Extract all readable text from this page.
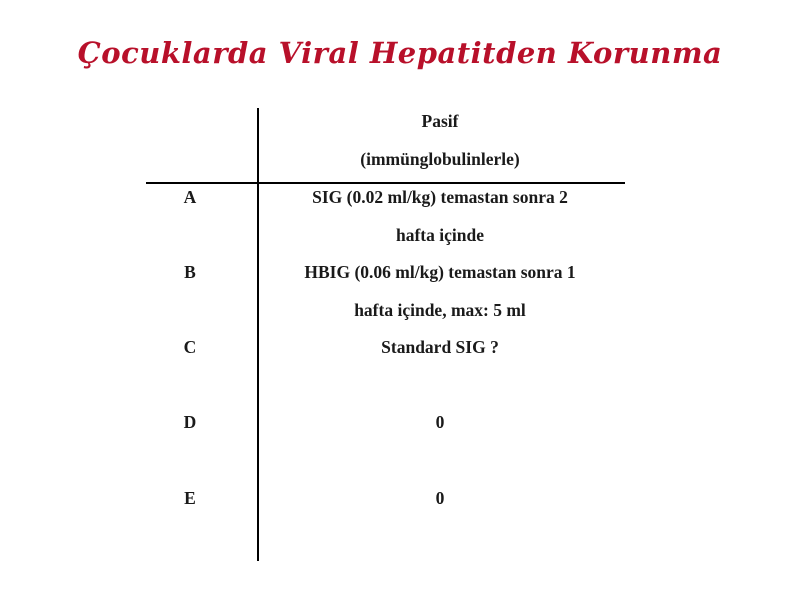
Çocuklarda Viral Hepatitden Korunma
Pasif
(immünglobulinlerle)
A	SIG (0.02 ml/kg) temastan sonra 2
hafta içinde
B	HBIG (0.06 ml/kg) temastan sonra 1
hafta içinde, max: 5 ml
C	Standard SIG ?
D	0
E	0
